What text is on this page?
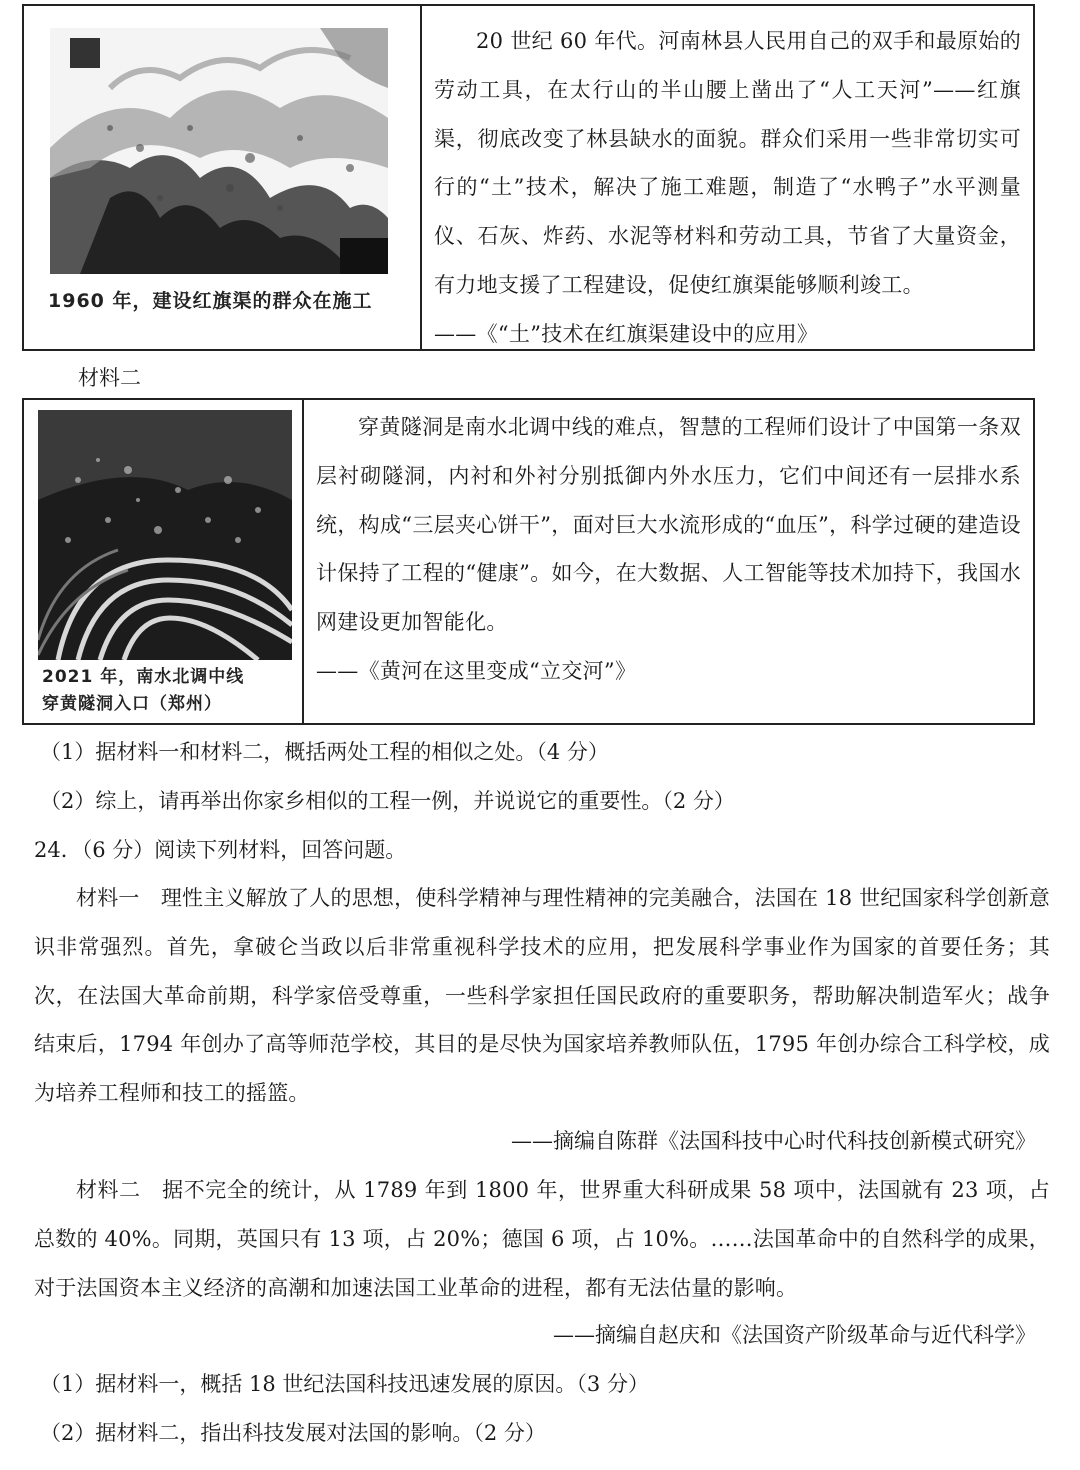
1960 年，建设红旗渠的群众在施工

20 世纪 60 年代。河南林县人民用自己的双手和最原始的劳动工具，在太行山的半山腰上凿出了“人工天河”——红旗渠，彻底改变了林县缺水的面貌。群众们采用一些非常切实可行的“土”技术，解决了施工难题，制造了“水鸭子”水平测量仪、石灰、炸药、水泥等材料和劳动工具，节省了大量资金，有力地支援了工程建设，促使红旗渠能够顺利竣工。

——《“土”技术在红旗渠建设中的应用》

材料二
2021 年，南水北调中线
穿黄隧洞入口（郑州）

穿黄隧洞是南水北调中线的难点，智慧的工程师们设计了中国第一条双层衬砌隧洞，内衬和外衬分别抵御内外水压力，它们中间还有一层排水系统，构成“三层夹心饼干”，面对巨大水流形成的“血压”，科学过硬的建造设计保持了工程的“健康”。如今，在大数据、人工智能等技术加持下，我国水网建设更加智能化。

——《黄河在这里变成“立交河”》

（1）据材料一和材料二，概括两处工程的相似之处。（4 分）
（2）综上，请再举出你家乡相似的工程一例，并说说它的重要性。（2 分）
24．（6 分）阅读下列材料，回答问题。

材料一　理性主义解放了人的思想，使科学精神与理性精神的完美融合，法国在 18 世纪国家科学创新意识非常强烈。首先，拿破仑当政以后非常重视科学技术的应用，把发展科学事业作为国家的首要任务；其次，在法国大革命前期，科学家倍受尊重，一些科学家担任国民政府的重要职务，帮助解决制造军火；战争结束后，1794 年创办了高等师范学校，其目的是尽快为国家培养教师队伍，1795 年创办综合工科学校，成为培养工程师和技工的摇篮。

——摘编自陈群《法国科技中心时代科技创新模式研究》

材料二　据不完全的统计，从 1789 年到 1800 年，世界重大科研成果 58 项中，法国就有 23 项，占总数的 40%。同期，英国只有 13 项，占 20%；德国 6 项，占 10%。……法国革命中的自然科学的成果，对于法国资本主义经济的高潮和加速法国工业革命的进程，都有无法估量的影响。

——摘编自赵庆和《法国资产阶级革命与近代科学》
（1）据材料一，概括 18 世纪法国科技迅速发展的原因。（3 分）
（2）据材料二，指出科技发展对法国的影响。（2 分）
